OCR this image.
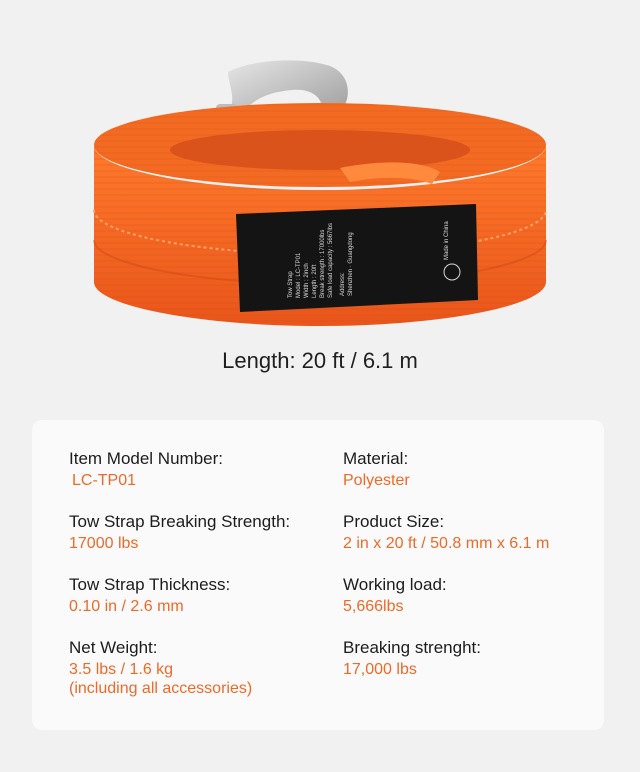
Tow Strap Model : LC-TP01 Width : 2inch Length : 20ft Break strength : 17000lbs Safe load capacity : 5667lbs Address: Shenzhen · Guangdong	Made in China
Length: 20 ft / 6.1 m
Item Model Number:
LC-TP01
Tow Strap Breaking Strength:
17000 lbs
Tow Strap Thickness:
0.10 in / 2.6 mm
Net Weight:
3.5 lbs / 1.6 kg
(including all accessories)
Material:
Polyester
Product Size:
2 in x 20 ft / 50.8 mm x 6.1 m
Working load:
5,666lbs
Breaking strenght:
17,000 lbs
